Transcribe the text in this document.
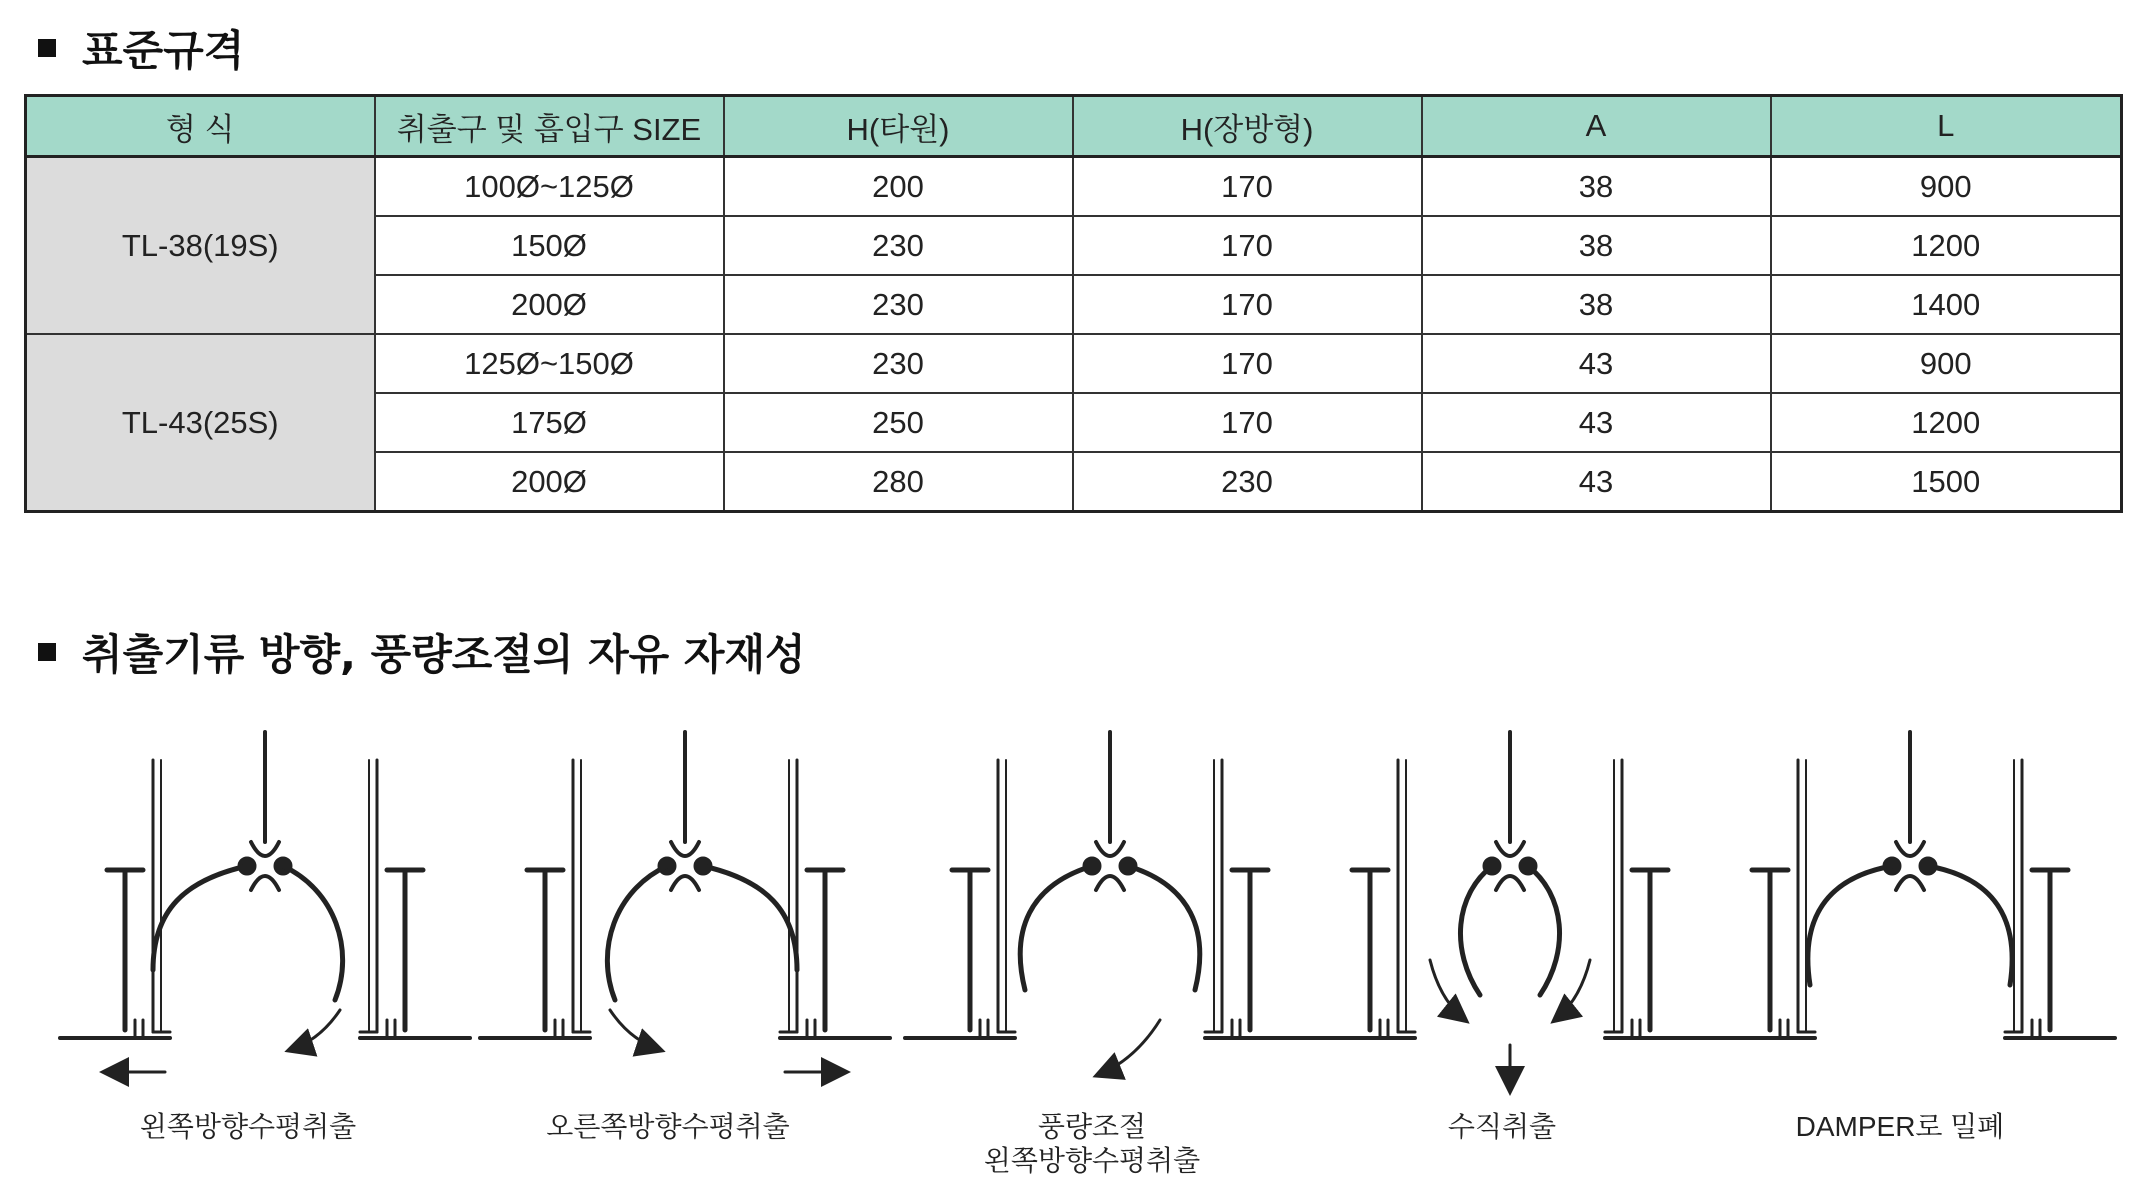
표준규격
형 식	취출구 및 흡입구 SIZE	H(타원)	H(장방형)	A	L
TL-38(19S)	100Ø~125Ø	200	170	38	900
	150Ø	230	170	38	1200
	200Ø	230	170	38	1400
TL-43(25S)	125Ø~150Ø	230	170	43	900
	175Ø	250	170	43	1200
	200Ø	280	230	43	1500
취출기류 방향, 풍량조절의 자유 자재성
왼쪽방향수평취출	오른쪽방향수평취출	풍량조절
왼쪽방향수평취출
수직취출	DAMPER로 밀폐
